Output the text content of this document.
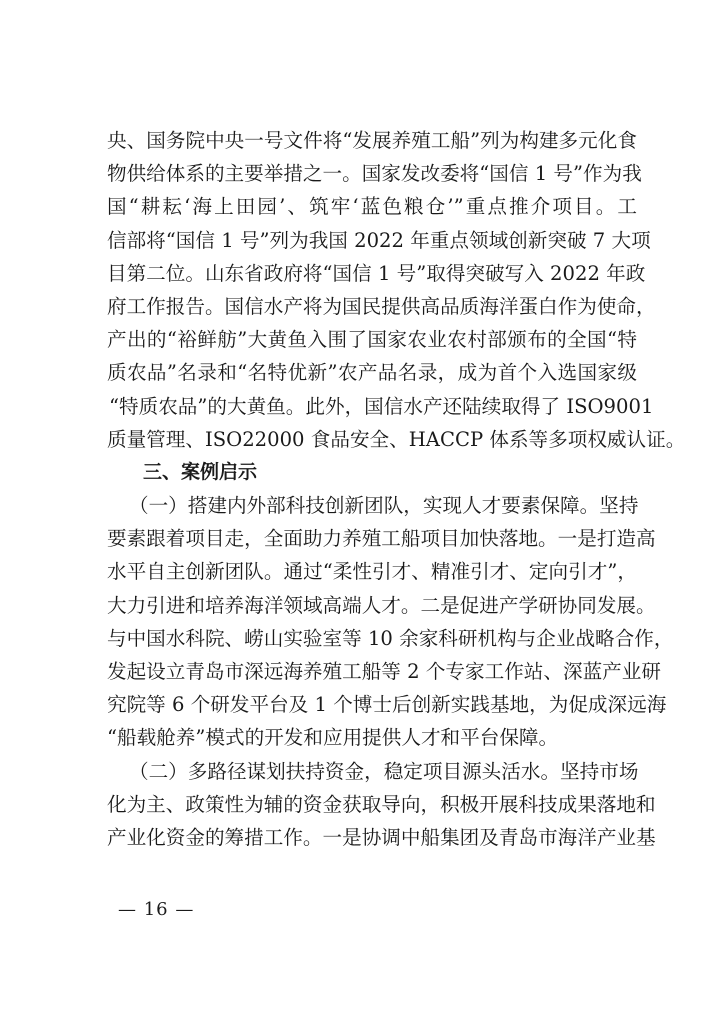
央、国务院中央一号文件将“发展养殖工船”列为构建多元化食
物供给体系的主要举措之一。国家发改委将“国信 1 号”作为我
国“耕耘‘海上田园’、筑牢‘蓝色粮仓’”重点推介项目。工
信部将“国信 1 号”列为我国 2022 年重点领域创新突破 7 大项
目第二位。山东省政府将“国信 1 号”取得突破写入 2022 年政
府工作报告。国信水产将为国民提供高品质海洋蛋白作为使命，
产出的“裕鲜舫”大黄鱼入围了国家农业农村部颁布的全国“特
质农品”名录和“名特优新”农产品名录，成为首个入选国家级
“特质农品”的大黄鱼。此外，国信水产还陆续取得了 ISO9001
质量管理、ISO22000 食品安全、HACCP 体系等多项权威认证。
三、案例启示
（一）搭建内外部科技创新团队，实现人才要素保障。坚持
要素跟着项目走，全面助力养殖工船项目加快落地。一是打造高
水平自主创新团队。通过“柔性引才、精准引才、定向引才”，
大力引进和培养海洋领域高端人才。二是促进产学研协同发展。
与中国水科院、崂山实验室等 10 余家科研机构与企业战略合作，
发起设立青岛市深远海养殖工船等 2 个专家工作站、深蓝产业研
究院等 6 个研发平台及 1 个博士后创新实践基地，为促成深远海
“船载舱养”模式的开发和应用提供人才和平台保障。
（二）多路径谋划扶持资金，稳定项目源头活水。坚持市场
化为主、政策性为辅的资金获取导向，积极开展科技成果落地和
产业化资金的筹措工作。一是协调中船集团及青岛市海洋产业基
— 16 —
